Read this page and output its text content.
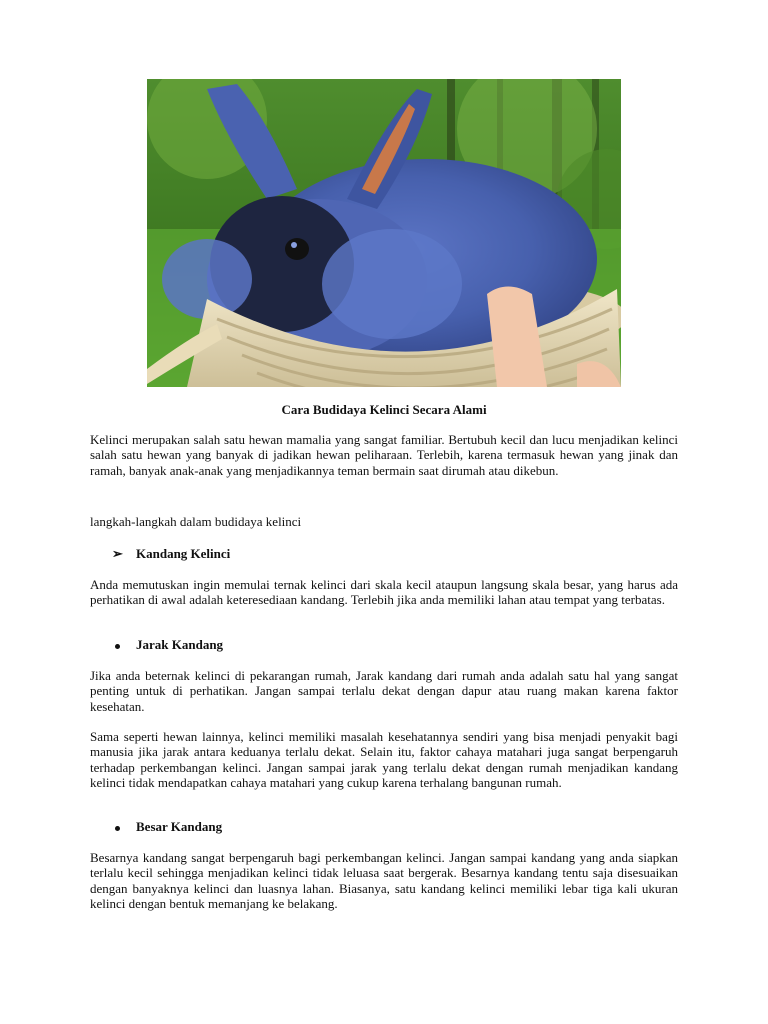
Cara Budidaya Kelinci Secara Alami
Kelinci merupakan salah satu hewan mamalia yang sangat familiar. Bertubuh kecil dan lucu menjadikan kelinci salah satu hewan yang banyak di jadikan hewan peliharaan. Terlebih, karena termasuk hewan yang jinak dan ramah, banyak anak-anak yang menjadikannya teman bermain saat dirumah atau dikebun.
langkah-langkah dalam budidaya kelinci
➢	Kandang Kelinci
Anda memutuskan ingin memulai ternak kelinci dari skala kecil ataupun langsung skala besar, yang harus ada perhatikan di awal adalah keteresediaan kandang. Terlebih jika anda memiliki lahan atau tempat yang terbatas.
Jarak Kandang
Jika anda beternak kelinci di pekarangan rumah, Jarak kandang dari rumah anda adalah satu hal yang sangat penting untuk di perhatikan. Jangan sampai terlalu dekat dengan dapur atau ruang makan karena faktor kesehatan.
Sama seperti hewan lainnya, kelinci memiliki masalah kesehatannya sendiri yang bisa menjadi penyakit bagi manusia jika jarak antara keduanya terlalu dekat. Selain itu, faktor cahaya matahari juga sangat berpengaruh terhadap perkembangan kelinci. Jangan sampai jarak yang terlalu dekat dengan rumah menjadikan kandang kelinci tidak mendapatkan cahaya matahari yang cukup karena terhalang bangunan rumah.
Besar Kandang
Besarnya kandang sangat berpengaruh bagi perkembangan kelinci. Jangan sampai kandang yang anda siapkan terlalu kecil sehingga menjadikan kelinci tidak leluasa saat bergerak. Besarnya kandang tentu saja disesuaikan dengan banyaknya kelinci dan luasnya lahan. Biasanya, satu kandang kelinci memiliki lebar tiga kali ukuran kelinci dengan bentuk memanjang ke belakang.
